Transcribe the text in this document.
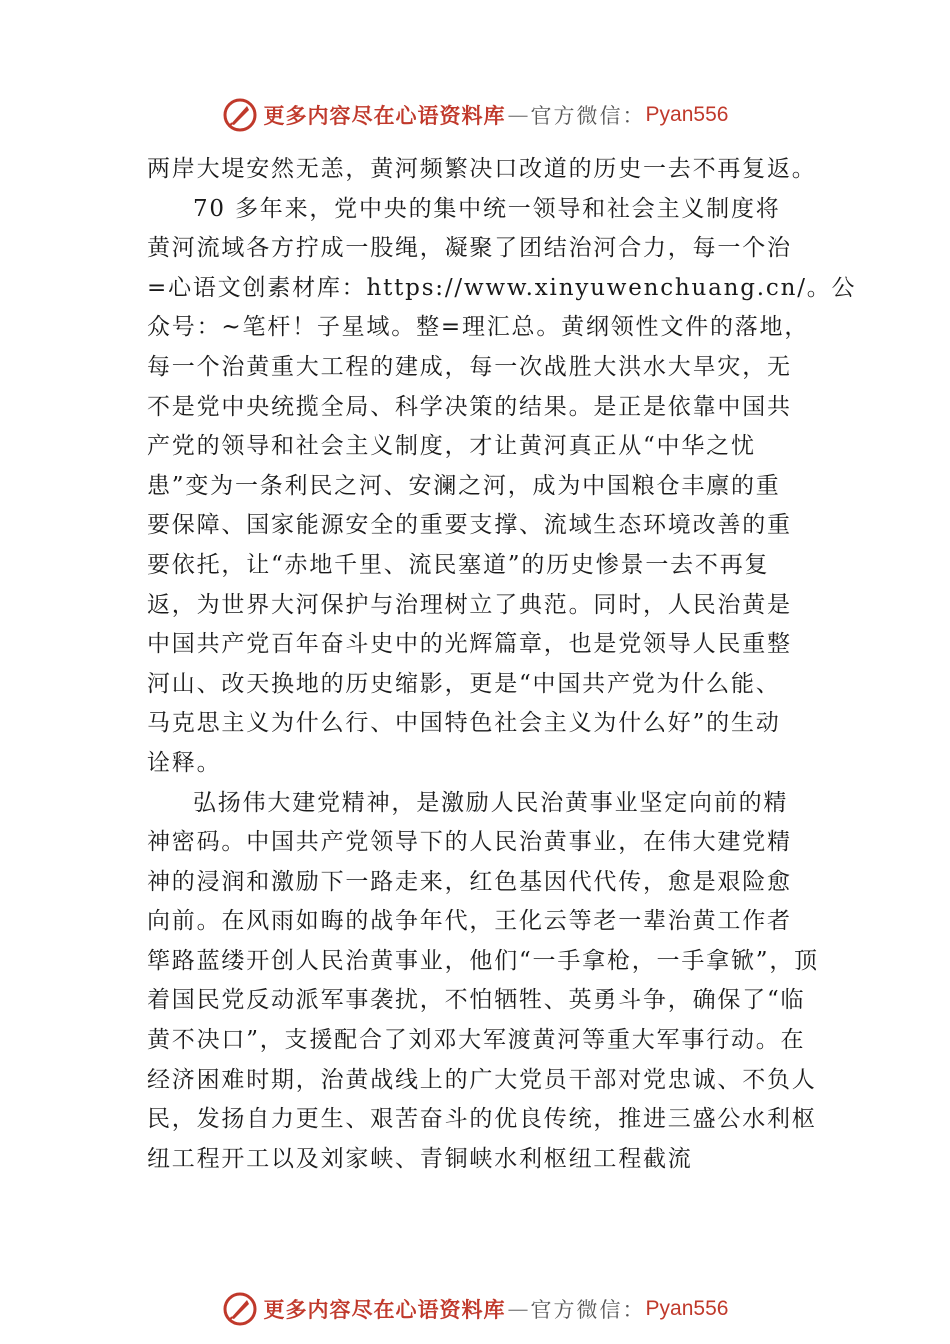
更多内容尽在心语资料库 — 官方微信： Pyan556
两岸大堤安然无恙，黄河频繁决口改道的历史一去不再复返。
70 多年来，党中央的集中统一领导和社会主义制度将
黄河流域各方拧成一股绳，凝聚了团结治河合力，每一个治
=心语文创素材库：https://www.xinyuwenchuang.cn/。公
众号：~笔杆！子星域。整=理汇总。黄纲领性文件的落地，
每一个治黄重大工程的建成，每一次战胜大洪水大旱灾，无
不是党中央统揽全局、科学决策的结果。是正是依靠中国共
产党的领导和社会主义制度，才让黄河真正从“中华之忧
患”变为一条利民之河、安澜之河，成为中国粮仓丰廪的重
要保障、国家能源安全的重要支撑、流域生态环境改善的重
要依托，让“赤地千里、流民塞道”的历史惨景一去不再复
返，为世界大河保护与治理树立了典范。同时，人民治黄是
中国共产党百年奋斗史中的光辉篇章，也是党领导人民重整
河山、改天换地的历史缩影，更是“中国共产党为什么能、
马克思主义为什么行、中国特色社会主义为什么好”的生动
诠释。
弘扬伟大建党精神，是激励人民治黄事业坚定向前的精
神密码。中国共产党领导下的人民治黄事业，在伟大建党精
神的浸润和激励下一路走来，红色基因代代传，愈是艰险愈
向前。在风雨如晦的战争年代，王化云等老一辈治黄工作者
筚路蓝缕开创人民治黄事业，他们“一手拿枪，一手拿锨”，顶
着国民党反动派军事袭扰，不怕牺牲、英勇斗争，确保了“临
黄不决口”，支援配合了刘邓大军渡黄河等重大军事行动。在
经济困难时期，治黄战线上的广大党员干部对党忠诚、不负人
民，发扬自力更生、艰苦奋斗的优良传统，推进三盛公水利枢
纽工程开工以及刘家峡、青铜峡水利枢纽工程截流
更多内容尽在心语资料库 — 官方微信： Pyan556
